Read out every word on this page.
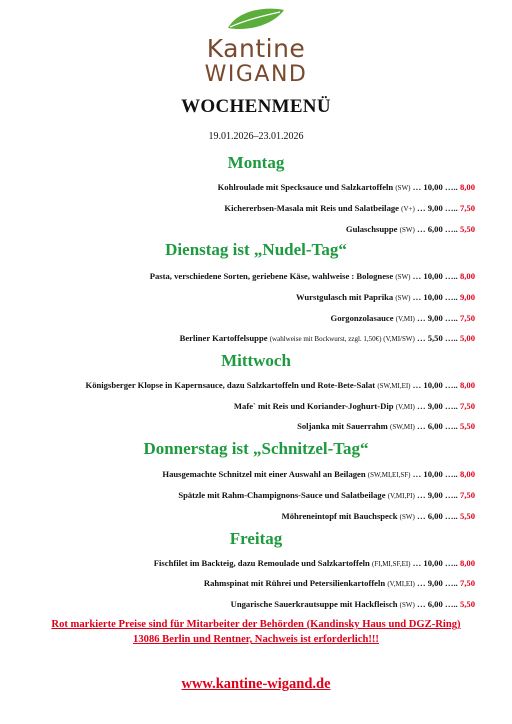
Kantine
WIGAND
WOCHENMENÜ
19.01.2026–23.01.2026
Montag
Kohlroulade mit Specksauce und Salzkartoffeln (SW) … 10,00 ….. 8,00
Kichererbsen-Masala mit Reis und Salatbeilage (V+) … 9,00 ….. 7,50
Gulaschsuppe (SW) … 6,00 ….. 5,50
Dienstag ist „Nudel-Tag“
Pasta, verschiedene Sorten, geriebene Käse, wahlweise : Bolognese (SW) … 10,00 ….. 8,00
Wurstgulasch mit Paprika (SW) … 10,00 ….. 9,00
Gorgonzolasauce (V,MI) … 9,00 ….. 7,50
Berliner Kartoffelsuppe (wahlweise mit Bockwurst, zzgl. 1,50€) (V,MI/SW) … 5,50 ….. 5,00
Mittwoch
Königsberger Klopse in Kapernsauce, dazu Salzkartoffeln und Rote-Bete-Salat (SW,MI,EI) … 10,00 ….. 8,00
Mafe` mit Reis und Koriander-Joghurt-Dip (V,MI) … 9,00 ….. 7,50
Soljanka mit Sauerrahm (SW,MI) … 6,00 ….. 5,50
Donnerstag ist „Schnitzel-Tag“
Hausgemachte Schnitzel mit einer Auswahl an Beilagen (SW,MI,EI,SF) … 10,00 ….. 8,00
Spätzle mit Rahm-Champignons-Sauce und Salatbeilage (V,MI,PI) … 9,00 ….. 7,50
Möhreneintopf mit Bauchspeck (SW) … 6,00 ….. 5,50
Freitag
Fischfilet im Backteig, dazu Remoulade und Salzkartoffeln (FI,MI,SF,EI) … 10,00 ….. 8,00
Rahmspinat mit Rührei und Petersilienkartoffeln (V,MI,EI) … 9,00 ….. 7,50
Ungarische Sauerkrautsuppe mit Hackfleisch (SW) … 6,00 ….. 5,50
Rot markierte Preise sind für Mitarbeiter der Behörden (Kandinsky Haus und DGZ-Ring)
13086 Berlin und Rentner, Nachweis ist erforderlich!!!
www.kantine-wigand.de
